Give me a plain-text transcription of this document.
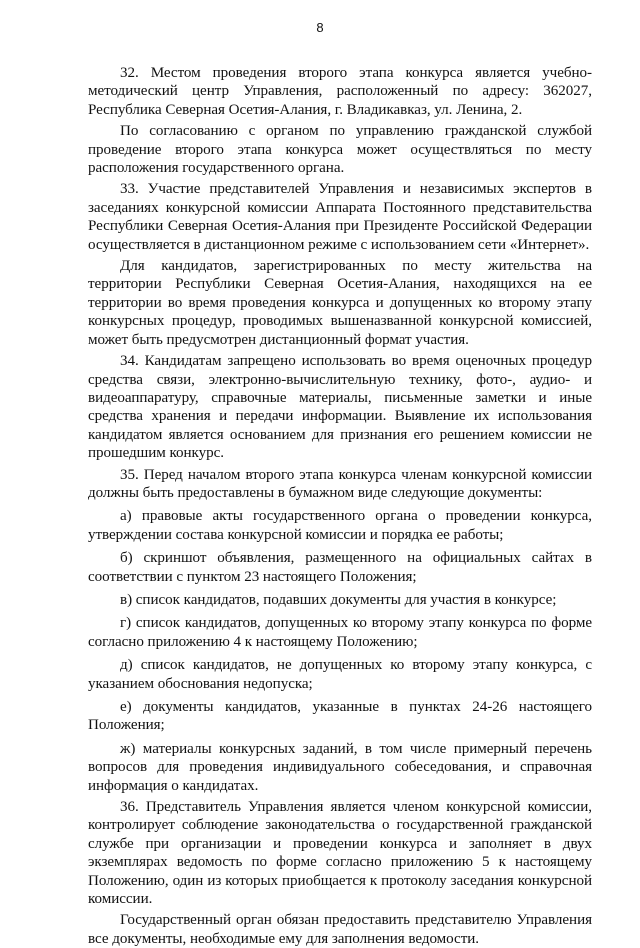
8

32. Местом проведения второго этапа конкурса является учебно-методический центр Управления, расположенный по адресу: 362027, Республика Северная Осетия-Алания, г. Владикавказ, ул. Ленина, 2.

По согласованию с органом по управлению гражданской службой проведение второго этапа конкурса может осуществляться по месту расположения государственного органа.

33. Участие представителей Управления и независимых экспертов в заседаниях конкурсной комиссии Аппарата Постоянного представительства Республики Северная Осетия-Алания при Президенте Российской Федерации осуществляется в дистанционном режиме с использованием сети «Интернет».

Для кандидатов, зарегистрированных по месту жительства на территории Республики Северная Осетия-Алания, находящихся на ее территории во время проведения конкурса и допущенных ко второму этапу конкурсных процедур, проводимых вышеназванной конкурсной комиссией, может быть предусмотрен дистанционный формат участия.

34. Кандидатам запрещено использовать во время оценочных процедур средства связи, электронно-вычислительную технику, фото-, аудио- и видеоаппаратуру, справочные материалы, письменные заметки и иные средства хранения и передачи информации. Выявление их использования кандидатом является основанием для признания его решением комиссии не прошедшим конкурс.

35. Перед началом второго этапа конкурса членам конкурсной комиссии должны быть предоставлены в бумажном виде следующие документы:

а) правовые акты государственного органа о проведении конкурса, утверждении состава конкурсной комиссии и порядка ее работы;

б) скриншот объявления, размещенного на официальных сайтах в соответствии с пунктом 23 настоящего Положения;

в) список кандидатов, подавших документы для участия в конкурсе;

г) список кандидатов, допущенных ко второму этапу конкурса по форме согласно приложению 4 к настоящему Положению;

д) список кандидатов, не допущенных ко второму этапу конкурса, с указанием обоснования недопуска;

е) документы кандидатов, указанные в пунктах 24-26 настоящего Положения;

ж) материалы конкурсных заданий, в том числе примерный перечень вопросов для проведения индивидуального собеседования, и справочная информация о кандидатах.

36. Представитель Управления является членом конкурсной комиссии, контролирует соблюдение законодательства о государственной гражданской службе при организации и проведении конкурса и заполняет в двух экземплярах ведомость по форме согласно приложению 5 к настоящему Положению, один из которых приобщается к протоколу заседания конкурсной комиссии.

Государственный орган обязан предоставить представителю Управления все документы, необходимые ему для заполнения ведомости.
